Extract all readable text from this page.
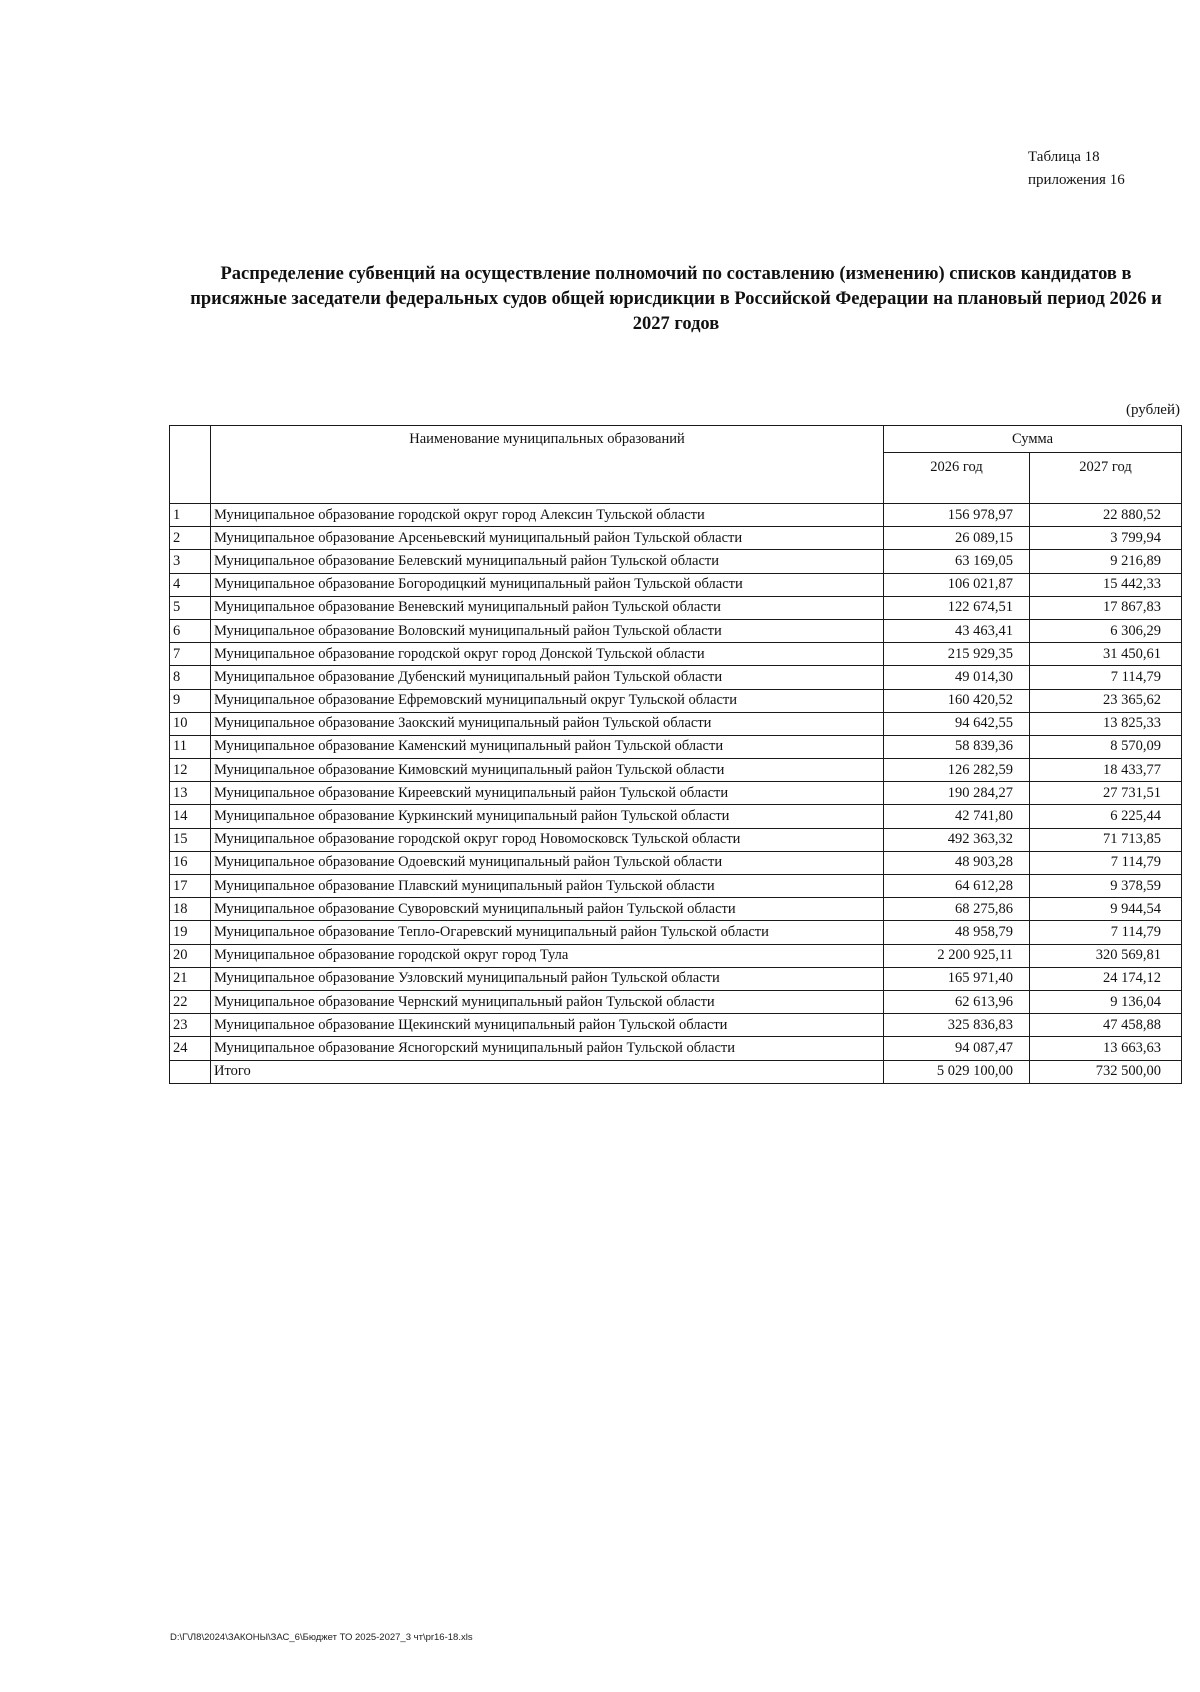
Таблица 18
приложения 16
Распределение субвенций на осуществление полномочий по составлению (изменению) списков кандидатов в присяжные заседатели федеральных судов общей юрисдикции в Российской Федерации на плановый период 2026 и 2027 годов
(рублей)
	Наименование муниципальных образований	Сумма	
		2026 год	2027 год
1	Муниципальное образование городской округ город Алексин Тульской области	156 978,97	22 880,52
2	Муниципальное образование Арсеньевский муниципальный район Тульской области	26 089,15	3 799,94
3	Муниципальное образование Белевский муниципальный район Тульской области	63 169,05	9 216,89
4	Муниципальное образование Богородицкий муниципальный район Тульской области	106 021,87	15 442,33
5	Муниципальное образование Веневский муниципальный район Тульской области	122 674,51	17 867,83
6	Муниципальное образование Воловский муниципальный район Тульской области	43 463,41	6 306,29
7	Муниципальное образование городской округ город Донской Тульской области	215 929,35	31 450,61
8	Муниципальное образование Дубенский муниципальный район Тульской области	49 014,30	7 114,79
9	Муниципальное образование Ефремовский муниципальный округ Тульской области	160 420,52	23 365,62
10	Муниципальное образование Заокский муниципальный район Тульской области	94 642,55	13 825,33
11	Муниципальное образование Каменский муниципальный район Тульской области	58 839,36	8 570,09
12	Муниципальное образование Кимовский муниципальный район Тульской области	126 282,59	18 433,77
13	Муниципальное образование Киреевский муниципальный район Тульской области	190 284,27	27 731,51
14	Муниципальное образование Куркинский муниципальный район Тульской области	42 741,80	6 225,44
15	Муниципальное образование городской округ город Новомосковск Тульской области	492 363,32	71 713,85
16	Муниципальное образование Одоевский муниципальный район Тульской области	48 903,28	7 114,79
17	Муниципальное образование Плавский муниципальный район Тульской области	64 612,28	9 378,59
18	Муниципальное образование Суворовский муниципальный район Тульской области	68 275,86	9 944,54
19	Муниципальное образование Тепло-Огаревский муниципальный район Тульской области	48 958,79	7 114,79
20	Муниципальное образование городской округ город Тула	2 200 925,11	320 569,81
21	Муниципальное образование Узловский муниципальный район Тульской области	165 971,40	24 174,12
22	Муниципальное образование Чернский муниципальный район Тульской области	62 613,96	9 136,04
23	Муниципальное образование Щекинский муниципальный район Тульской области	325 836,83	47 458,88
24	Муниципальное образование Ясногорский муниципальный район Тульской области	94 087,47	13 663,63
	Итого	5 029 100,00	732 500,00
D:\Г\Л8\2024\ЗАКОНЫ\ЗАС_6\Бюджет ТО 2025-2027_3 чт\pr16-18.xls
